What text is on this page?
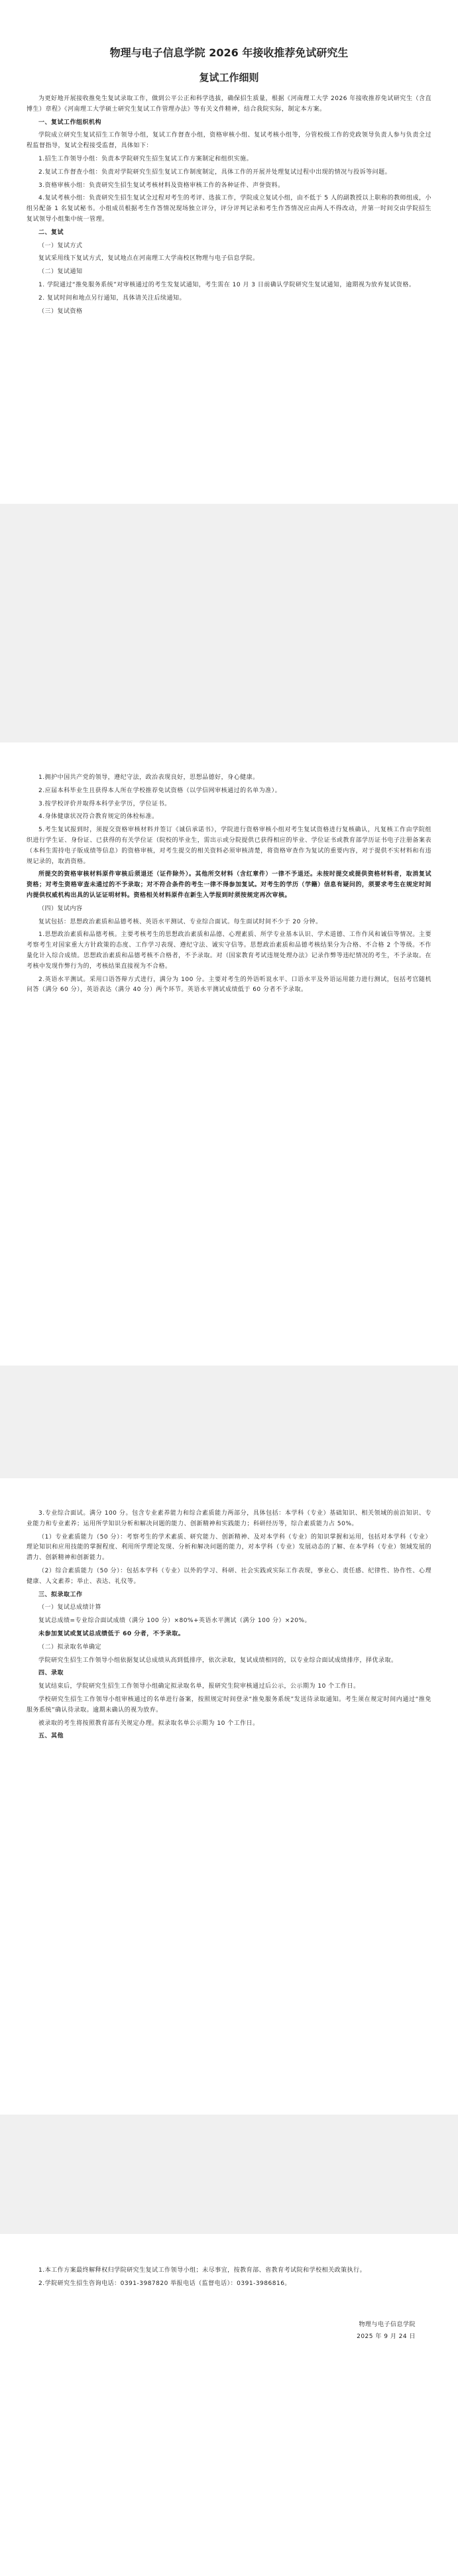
物理与电子信息学院 2026 年接收推荐免试研究生
复试工作细则

为更好地开展接收推免生复试录取工作，做到公平公正和科学选拔，确保招生质量，根据《河南理工大学 2026 年接收推荐免试研究生（含直博生）章程》《河南理工大学硕士研究生复试工作管理办法》等有关文件精神，结合我院实际，制定本方案。

一、复试工作组织机构

学院成立研究生复试招生工作领导小组，复试工作督查小组，资格审核小组、复试考核小组等，分管校级工作的党政领导负责人参与负责全过程监督指导，复试全程接受监督，具体如下：

1.招生工作领导小组：负责本学院研究生招生复试工作方案制定和组织实施。

2.复试工作督查小组：负责对学院研究生招生复试工作制度制定，具体工作的开展并处理复试过程中出现的情况与投诉等问题。

3.资格审核小组：负责研究生招生复试考核材料及资格审核工作的各种证件、声誉资料。

4.复试考核小组：负责研究生招生复试全过程对考生的考评、选拔工作，学院成立复试小组，由不低于 5 人的副教授以上职称的教师组成，小组另配备 1 名复试秘书。小组成员根据考生作答情况现场独立评分，评分评判记录和考生作答情况应由两人不得改动，并第一时间交由学院招生复试领导小组集中统一管理。

二、复试

（一）复试方式

复试采用线下复试方式，复试地点在河南理工大学南校区物理与电子信息学院。

（二）复试通知

1. 学院通过“推免服务系统”对审核通过的考生发复试通知，考生需在 10 月 3 日前确认学院研究生复试通知，逾期视为放弃复试资格。

2. 复试时间和地点另行通知，具体请关注后续通知。

（三）复试资格

1.拥护中国共产党的领导，遵纪守法，政治表现良好，思想品德好，身心健康。

2.应届本科毕业生且获得本人所在学校推荐免试资格（以学信网审核通过的名单为准）。

3.按学校评价并取得本科学业学历，学位证书。

4.身体健康状况符合教育规定的体检标准。

5.考生复试报到时，须提交资格审核材料并签订《诚信承诺书》，学院进行资格审核小组对考生复试资格进行复核确认，凡复核工作由学院组织进行学生证、身份证、已获得的有关学位证（院校的毕业生，需出示或分院提供已获得相应的毕业、学位证书或教育部学历证书电子注册备案表（本科生需持电子版成绩等信息）的资格审核，对考生提交的相关资料必须审核清楚，将资格审查作为复试的重要内容，对于提供不实材料和有违规记录的，取消资格。

所提交的资格审核材料原件审核后须退还（证件除外）。其他所交材料（含红章件）一律不予退还。未按时提交或提供资格材料者，取消复试资格；对考生资格审查未通过的不予录取；对不符合条件的考生一律不得参加复试。对考生的学历（学籍）信息有疑问的，须要求考生在规定时间内提供权威机构出具的认证证明材料。资格相关材料原件在新生入学报到时须按规定再次审核。

（四）复试内容

复试包括：思想政治素质和品德考核、英语水平测试、专业综合面试。每生面试时间不少于 20 分钟。

1.思想政治素质和品德考核。主要考核考生的思想政治素质和品德、心理素质、所学专业基本认识、学术道德、工作作风和诚信等情况。主要考察考生对国家重大方针政策的态度、工作学习表现、遵纪守法、诚实守信等。思想政治素质和品德考核结果分为合格、不合格 2 个等级。不作量化计入综合成绩。思想政治素质和品德考核不合格者，不予录取。对（国家教育考试违规处理办法》记录作弊等违纪情况的考生，不予录取。在考核中发现作弊行为的，考核结果直接视为不合格。

2.英语水平测试。采用口语答辩方式进行，满分为 100 分。主要对考生的外语听说水平、口语水平及外语运用能力进行测试，包括考官随机问答（满分 60 分），英语表达（满分 40 分）两个环节。英语水平测试成绩低于 60 分者不予录取。

3.专业综合面试。满分 100 分。包含专业素养能力和综合素质能力两部分，具体包括：本学科（专业）基础知识、相关领域的前沿知识、专业能力和专业素养；运用所学知识分析和解决问题的能力、创新精神和实践能力；科研经历等，综合素质能力占 50%。

（1）专业素质能力（50 分）：考察考生的学术素质、研究能力、创新精神、及对本学科（专业）的知识掌握和运用，包括对本学科（专业）理论知识和应用技能的掌握程度、利用所学理论发现、分析和解决问题的能力，对本学科（专业）发展动态的了解、在本学科（专业）领域发展的潜力、创新精神和创新能力。

（2）综合素质能力（50 分）：包括本学科（专业）以外的学习、科研、社会实践或实际工作表现，事业心、责任感、纪律性、协作性、心理健康、人文素养；举止、表达、礼仪等。

三、拟录取工作

（一）复试总成绩计算

复试总成绩=专业综合面试成绩（满分 100 分）×80%+英语水平测试（满分 100 分）×20%。

未参加复试或复试总成绩低于 60 分者，不予录取。

（二）拟录取名单确定

学院研究生招生工作领导小组依据复试总成绩从高到低排序，依次录取，复试成绩相同的，以专业综合面试成绩排序，择优录取。

四、录取

复试结束后，学院研究生招生工作领导小组确定拟录取名单，报研究生院审核通过后公示，公示期为 10 个工作日。

学校研究生招生工作领导小组审核通过的名单进行备案，按照规定时间登录“推免服务系统”发送待录取通知。考生须在规定时间内通过“推免服务系统”确认待录取。逾期未确认的视为放弃。

被录取的考生将按照教育部有关规定办理。拟录取名单公示期为 10 个工作日。

五、其他

1.本工作方案最终解释权归学院研究生复试工作领导小组；未尽事宜，按教育部、省教育考试院和学校相关政策执行。

2.学院研究生招生咨询电话：0391-3987820 举报电话（监督电话）：0391-3986816。

物理与电子信息学院

2025 年 9 月 24 日
